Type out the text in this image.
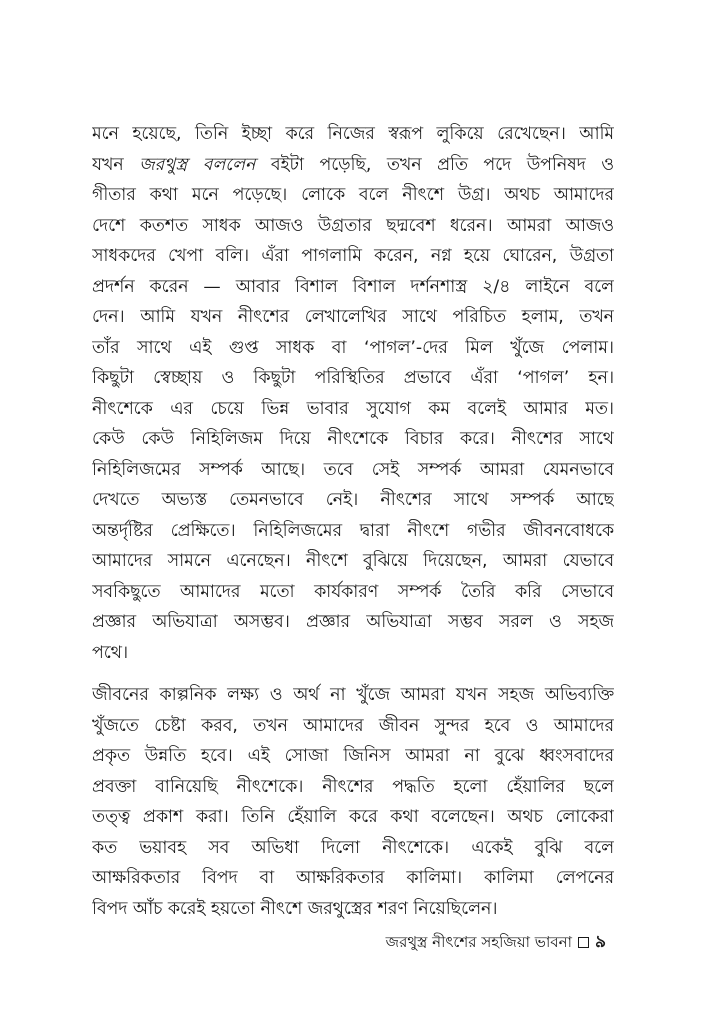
মনে হয়েছে, তিনি ইচ্ছা করে নিজের স্বরূপ লুকিয়ে রেখেছেন। আমি
যখন জরথুস্ত্র বললেন বইটা পড়েছি, তখন প্রতি পদে উপনিষদ ও
গীতার কথা মনে পড়েছে। লোকে বলে নীৎশে উগ্র। অথচ আমাদের
দেশে কতশত সাধক আজও উগ্রতার ছদ্মবেশ ধরেন। আমরা আজও
সাধকদের খেপা বলি। এঁরা পাগলামি করেন, নগ্ন হয়ে ঘোরেন, উগ্রতা
প্রদর্শন করেন — আবার বিশাল বিশাল দর্শনশাস্ত্র ২/৪ লাইনে বলে
দেন। আমি যখন নীৎশের লেখালেখির সাথে পরিচিত হলাম, তখন
তাঁর সাথে এই গুপ্ত সাধক বা ‘পাগল’-দের মিল খুঁজে পেলাম।
কিছুটা স্বেচ্ছায় ও কিছুটা পরিস্থিতির প্রভাবে এঁরা ‘পাগল’ হন।
নীৎশেকে এর চেয়ে ভিন্ন ভাবার সুযোগ কম বলেই আমার মত।
কেউ কেউ নিহিলিজম দিয়ে নীৎশেকে বিচার করে। নীৎশের সাথে
নিহিলিজমের সম্পর্ক আছে। তবে সেই সম্পর্ক আমরা যেমনভাবে
দেখতে অভ্যস্ত তেমনভাবে নেই। নীৎশের সাথে সম্পর্ক আছে
অন্তর্দৃষ্টির প্রেক্ষিতে। নিহিলিজমের দ্বারা নীৎশে গভীর জীবনবোধকে
আমাদের সামনে এনেছেন। নীৎশে বুঝিয়ে দিয়েছেন, আমরা যেভাবে
সবকিছুতে আমাদের মতো কার্যকারণ সম্পর্ক তৈরি করি সেভাবে
প্রজ্ঞার অভিযাত্রা অসম্ভব। প্রজ্ঞার অভিযাত্রা সম্ভব সরল ও সহজ
পথে।
জীবনের কাল্পনিক লক্ষ্য ও অর্থ না খুঁজে আমরা যখন সহজ অভিব্যক্তি
খুঁজতে চেষ্টা করব, তখন আমাদের জীবন সুন্দর হবে ও আমাদের
প্রকৃত উন্নতি হবে। এই সোজা জিনিস আমরা না বুঝে ধ্বংসবাদের
প্রবক্তা বানিয়েছি নীৎশেকে। নীৎশের পদ্ধতি হলো হেঁয়ালির ছলে
তত্ত্ব প্রকাশ করা। তিনি হেঁয়ালি করে কথা বলেছেন। অথচ লোকেরা
কত ভয়াবহ সব অভিধা দিলো নীৎশেকে। একেই বুঝি বলে
আক্ষরিকতার বিপদ বা আক্ষরিকতার কালিমা। কালিমা লেপনের
বিপদ আঁচ করেই হয়তো নীৎশে জরথুস্ত্রের শরণ নিয়েছিলেন।
জরথুস্ত্র নীৎশের সহজিয়া ভাবনা ৯
